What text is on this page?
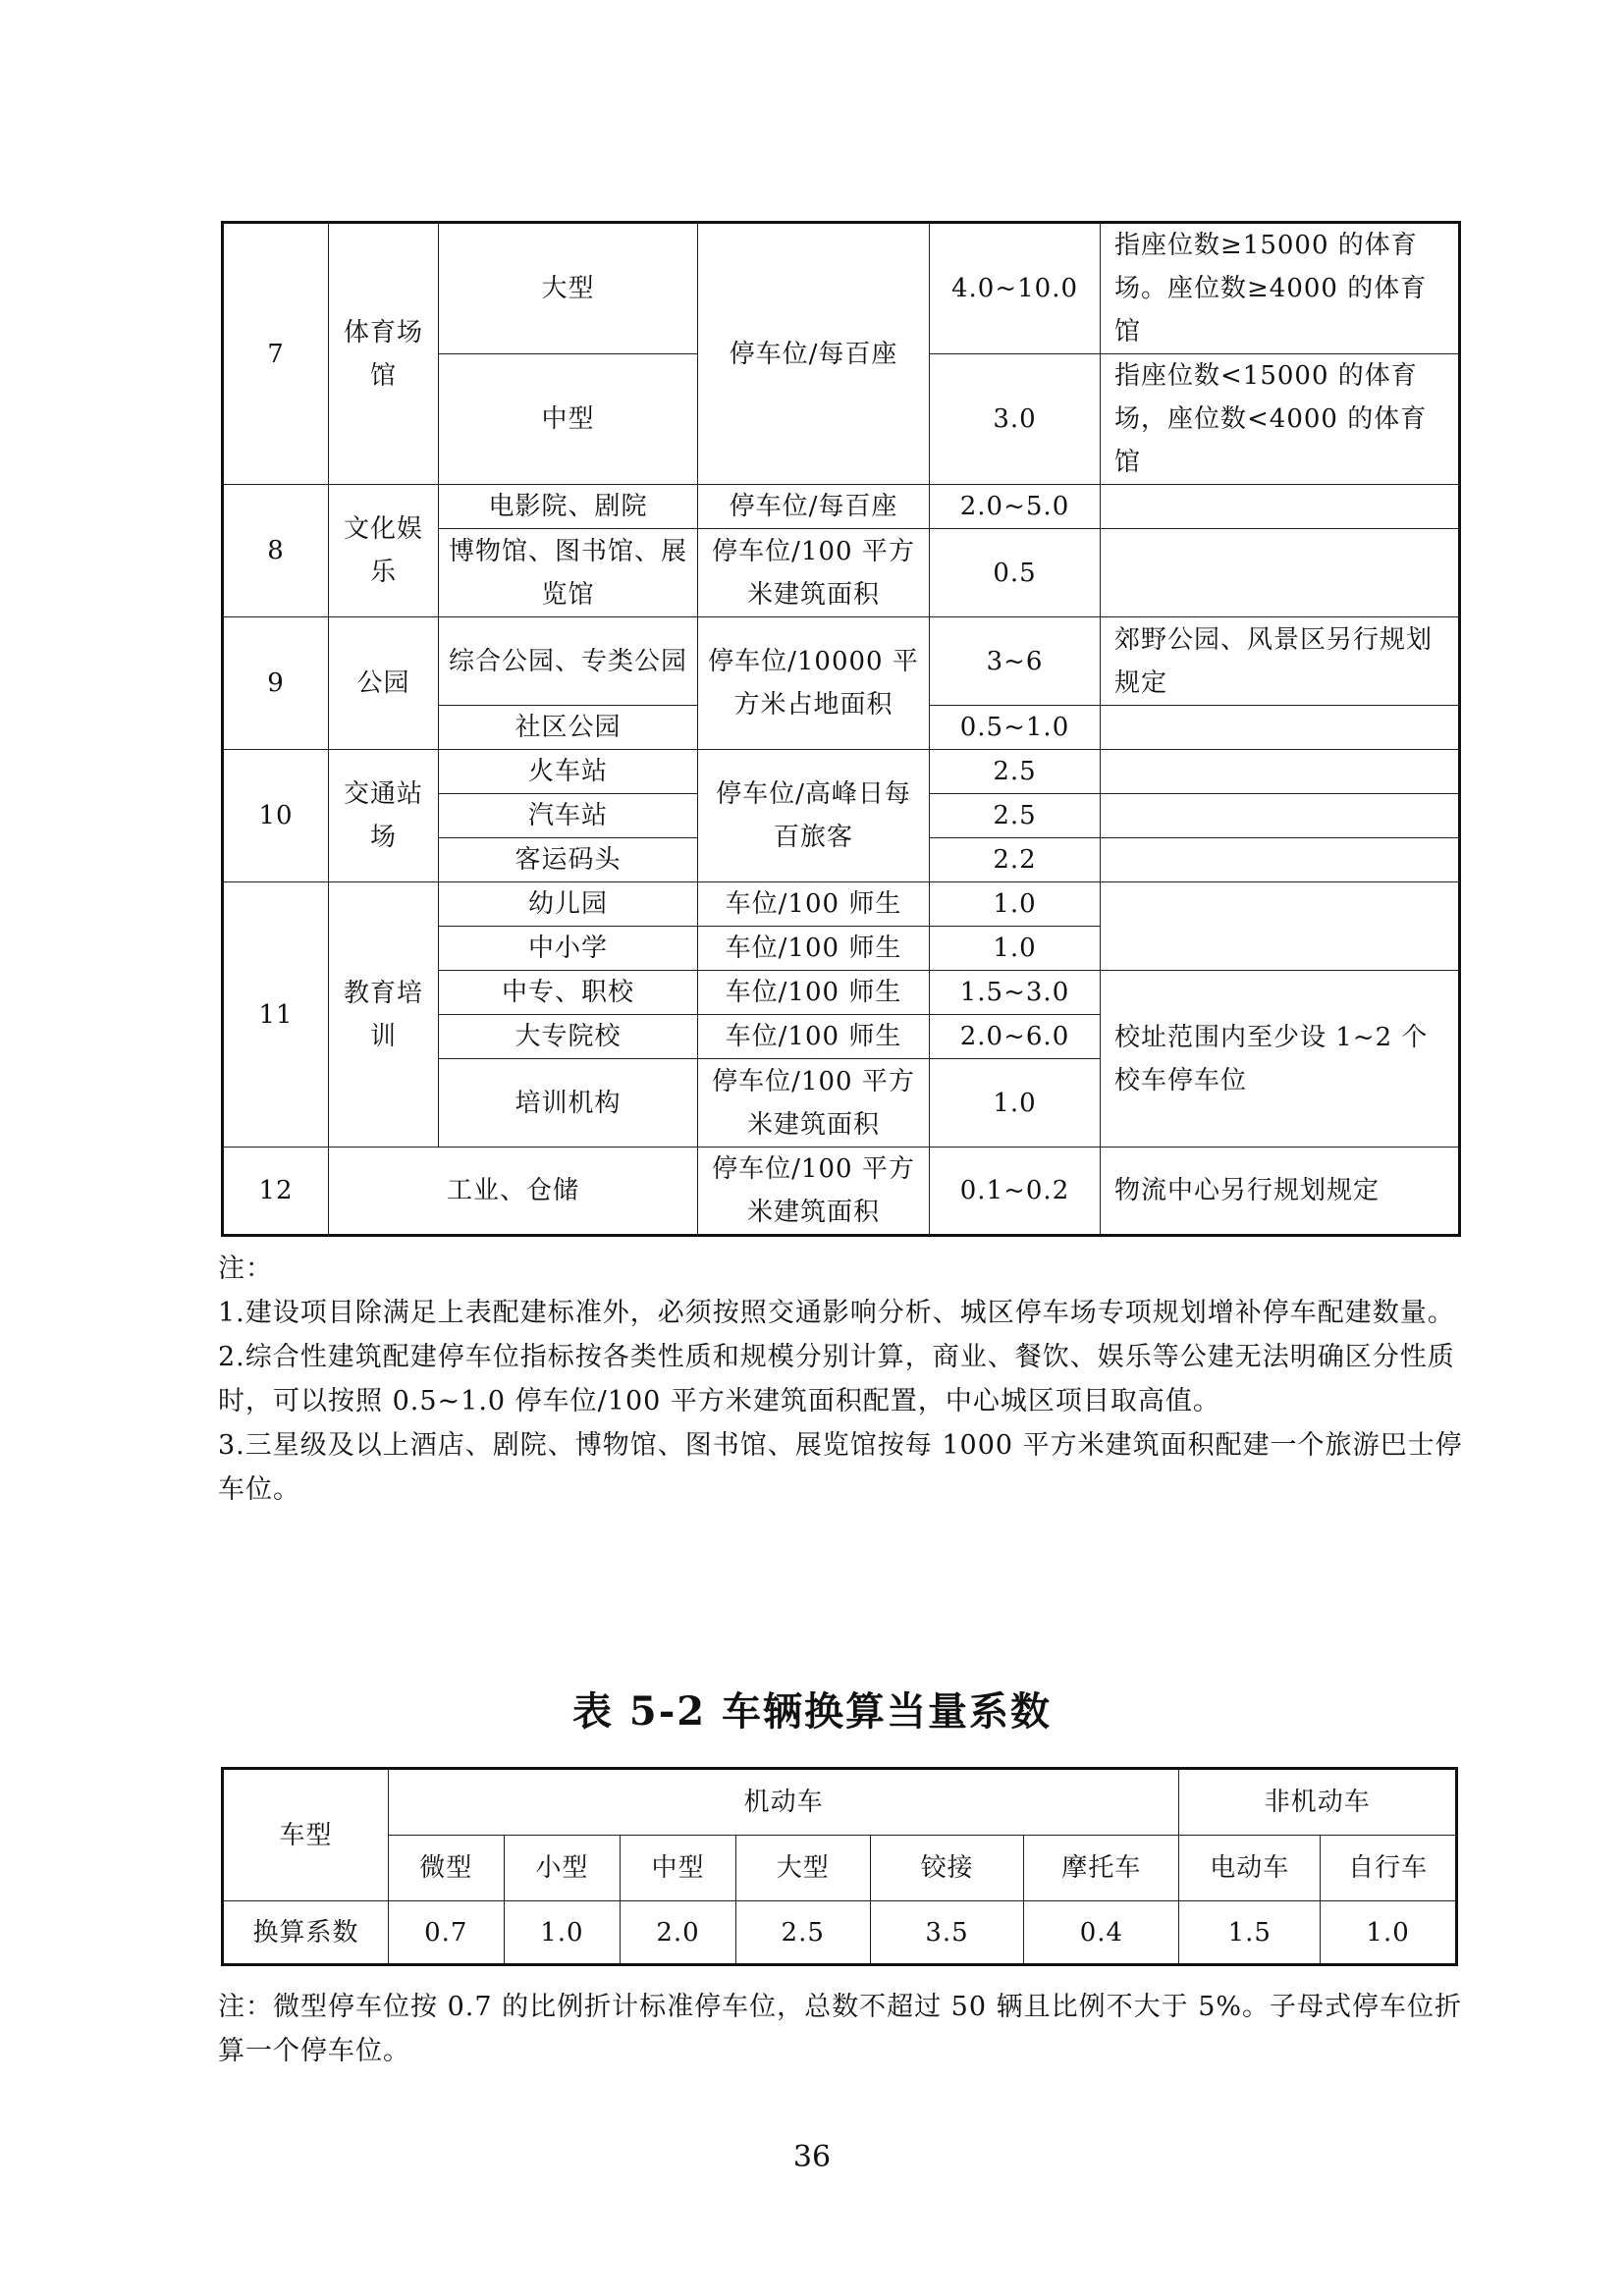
7	体育场馆	大型	停车位/每百座	4.0~10.0	指座位数≥15000 的体育场。座位数≥4000 的体育馆
		中型		3.0	指座位数<15000 的体育场，座位数<4000 的体育馆
8	文化娱乐	电影院、剧院	停车位/每百座	2.0~5.0	
		博物馆、图书馆、展览馆	停车位/100 平方米建筑面积	0.5	
9	公园	综合公园、专类公园	停车位/10000 平方米占地面积	3~6	郊野公园、风景区另行规划规定
		社区公园		0.5~1.0	
10	交通站场	火车站	停车位/高峰日每百旅客	2.5	
		汽车站		2.5	
		客运码头		2.2	
11	教育培训	幼儿园	车位/100 师生	1.0	
		中小学	车位/100 师生	1.0	
		中专、职校	车位/100 师生	1.5~3.0	校址范围内至少设 1~2 个校车停车位
		大专院校	车位/100 师生	2.0~6.0	
		培训机构	停车位/100 平方米建筑面积	1.0	
12	工业、仓储		停车位/100 平方米建筑面积	0.1~0.2	物流中心另行规划规定

注：

1.建设项目除满足上表配建标准外，必须按照交通影响分析、城区停车场专项规划增补停车配建数量。

2.综合性建筑配建停车位指标按各类性质和规模分别计算，商业、餐饮、娱乐等公建无法明确区分性质时，可以按照 0.5~1.0 停车位/100 平方米建筑面积配置，中心城区项目取高值。

3.三星级及以上酒店、剧院、博物馆、图书馆、展览馆按每 1000 平方米建筑面积配建一个旅游巴士停车位。

表 5-2 车辆换算当量系数
车型	机动车						非机动车	
	微型	小型	中型	大型	铰接	摩托车	电动车	自行车
换算系数	0.7	1.0	2.0	2.5	3.5	0.4	1.5	1.0
注：微型停车位按 0.7 的比例折计标准停车位，总数不超过 50 辆且比例不大于 5%。子母式停车位折算一个停车位。
36
